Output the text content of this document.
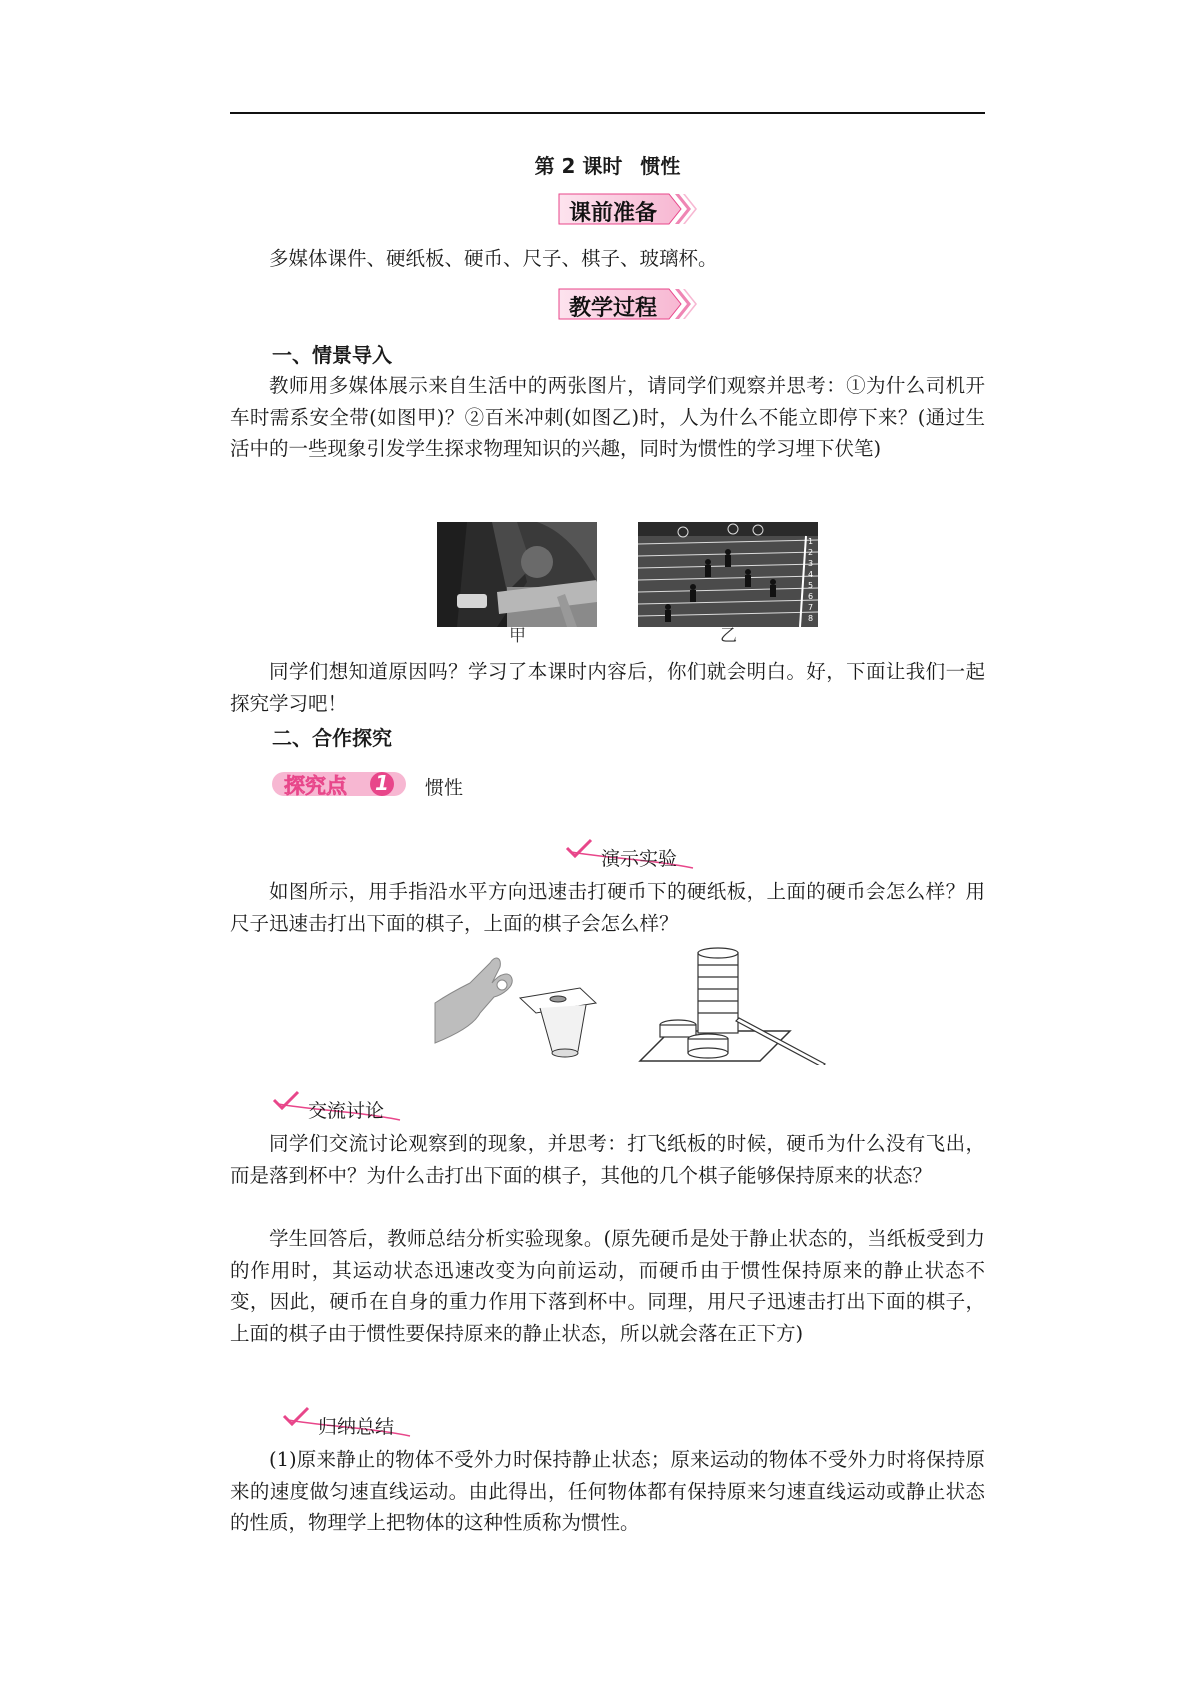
第 2 课时 惯性
课前准备
多媒体课件、硬纸板、硬币、尺子、棋子、玻璃杯。
教学过程
一、情景导入
教师用多媒体展示来自生活中的两张图片，请同学们观察并思考：①为什么司机开车时需系安全带(如图甲)？②百米冲刺(如图乙)时，人为什么不能立即停下来？(通过生活中的一些现象引发学生探求物理知识的兴趣，同时为惯性的学习埋下伏笔)
甲
1
2
3
4
5
6
7
8
乙
同学们想知道原因吗？学习了本课时内容后，你们就会明白。好，下面让我们一起探究学习吧！
二、合作探究
探究点 1 惯性
演示实验
如图所示，用手指沿水平方向迅速击打硬币下的硬纸板，上面的硬币会怎么样？用尺子迅速击打出下面的棋子，上面的棋子会怎么样？
交流讨论
同学们交流讨论观察到的现象，并思考：打飞纸板的时候，硬币为什么没有飞出，而是落到杯中？为什么击打出下面的棋子，其他的几个棋子能够保持原来的状态？
学生回答后，教师总结分析实验现象。(原先硬币是处于静止状态的，当纸板受到力的作用时，其运动状态迅速改变为向前运动，而硬币由于惯性保持原来的静止状态不变，因此，硬币在自身的重力作用下落到杯中。同理，用尺子迅速击打出下面的棋子，上面的棋子由于惯性要保持原来的静止状态，所以就会落在正下方)
归纳总结
(1)原来静止的物体不受外力时保持静止状态；原来运动的物体不受外力时将保持原来的速度做匀速直线运动。由此得出，任何物体都有保持原来匀速直线运动或静止状态的性质，物理学上把物体的这种性质称为惯性。
